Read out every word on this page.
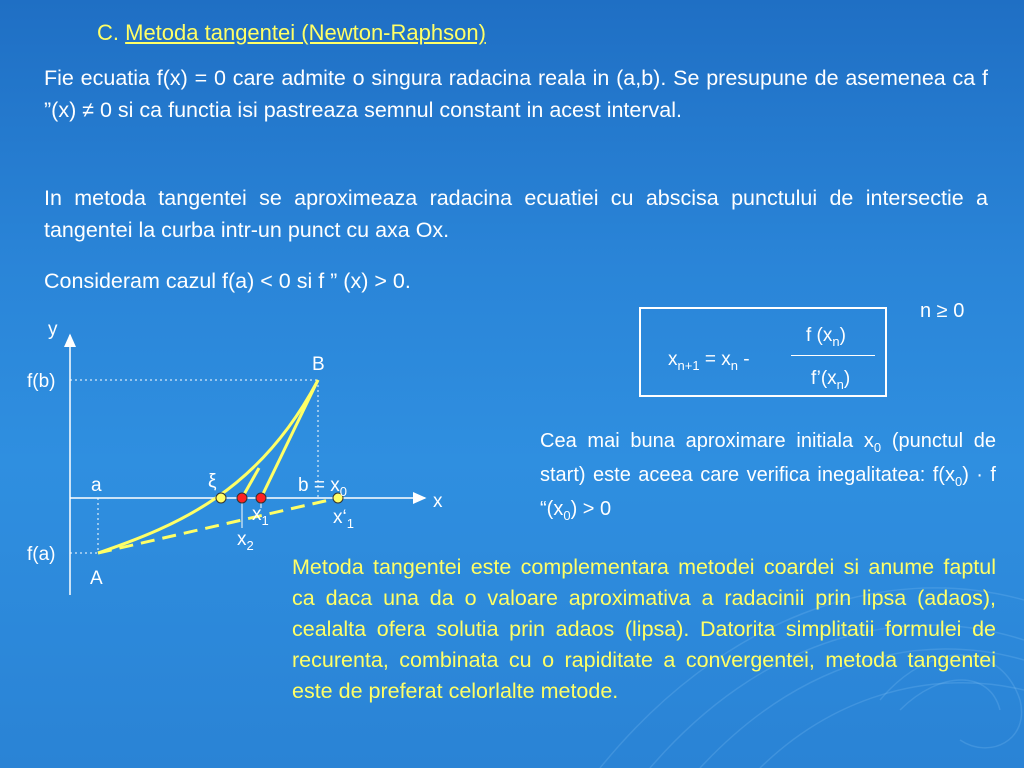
C. Metoda tangentei (Newton-Raphson)
Fie ecuatia f(x) = 0 care admite o singura radacina reala in (a,b). Se presupune de asemenea ca f ”(x) ≠ 0 si ca functia isi pastreaza semnul constant in acest interval.
In metoda tangentei se aproximeaza radacina ecuatiei cu abscisa punctului de intersectie a tangentei la curba intr-un punct cu axa Ox.
Consideram cazul f(a) < 0 si f ” (x) > 0.
y
x
f(b)
f(a)
B
A
a	ξ	$b = x_0$
$x_1$	$x‘_1$
$x_2$
$x_{n+1} = x_n$ -
f $(x_n)$
$f’(x_n)$
n ≥ 0
Cea mai buna aproximare initiala $x_0$ (punctul de start) este aceea care verifica inegalitatea: $f(x_0) \cdot f$ “$(x_0) > 0$
Metoda tangentei este complementara metodei coardei si anume faptul ca daca una da o valoare aproximativa a radacinii prin lipsa (adaos), cealalta ofera solutia prin adaos (lipsa). Datorita simplitatii formulei de recurenta, combinata cu o rapiditate a convergentei, metoda tangentei este de preferat celorlalte metode.
